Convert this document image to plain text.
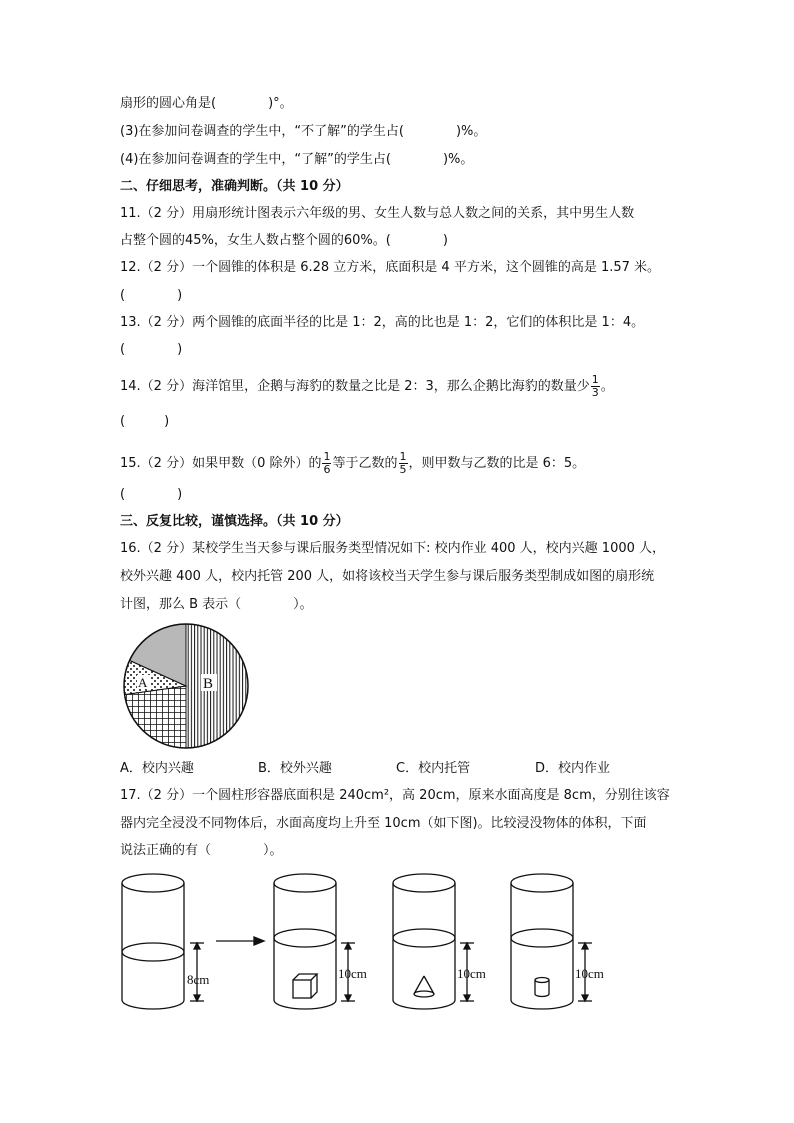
扇形的圆心角是(　　　　)°。
(3)在参加问卷调查的学生中，“不了解”的学生占(　　　　)%。
(4)在参加问卷调查的学生中，“了解”的学生占(　　　　)%。
二、仔细思考，准确判断。（共 10 分）
11.（2 分）用扇形统计图表示六年级的男、女生人数与总人数之间的关系，其中男生人数
占整个圆的45%，女生人数占整个圆的60%。(　　　　)
12.（2 分）一个圆锥的体积是 6.28 立方米，底面积是 4 平方米，这个圆锥的高是 1.57 米。
(　　　　)
13.（2 分）两个圆锥的底面半径的比是 1：2，高的比也是 1：2，它们的体积比是 1：4。
(　　　　)
14.（2 分）海洋馆里，企鹅与海豹的数量之比是 2：3，那么企鹅比海豹的数量少 $\frac{1}{3}$ 。
(　　　)
15.（2 分）如果甲数（0 除外）的 $\frac{1}{6}$ 等于乙数的 $\frac{1}{5}$ ，则甲数与乙数的比是 6：5。
(　　　　)
三、反复比较，谨慎选择。（共 10 分）
16.（2 分）某校学生当天参与课后服务类型情况如下: 校内作业 400 人，校内兴趣 1000 人，
校外兴趣 400 人，校内托管 200 人，如将该校当天学生参与课后服务类型制成如图的扇形统
计图，那么 B 表示（　　　　）。
B
A
A．校内兴趣	B．校外兴趣	C．校内托管	D．校内作业
17.（2 分）一个圆柱形容器底面积是 240cm²，高 20cm，原来水面高度是 8cm，分别往该容
器内完全浸没不同物体后，水面高度均上升至 10cm（如下图)。比较浸没物体的体积，下面
说法正确的有（　　　　）。
8cm	10cm	10cm	10cm
